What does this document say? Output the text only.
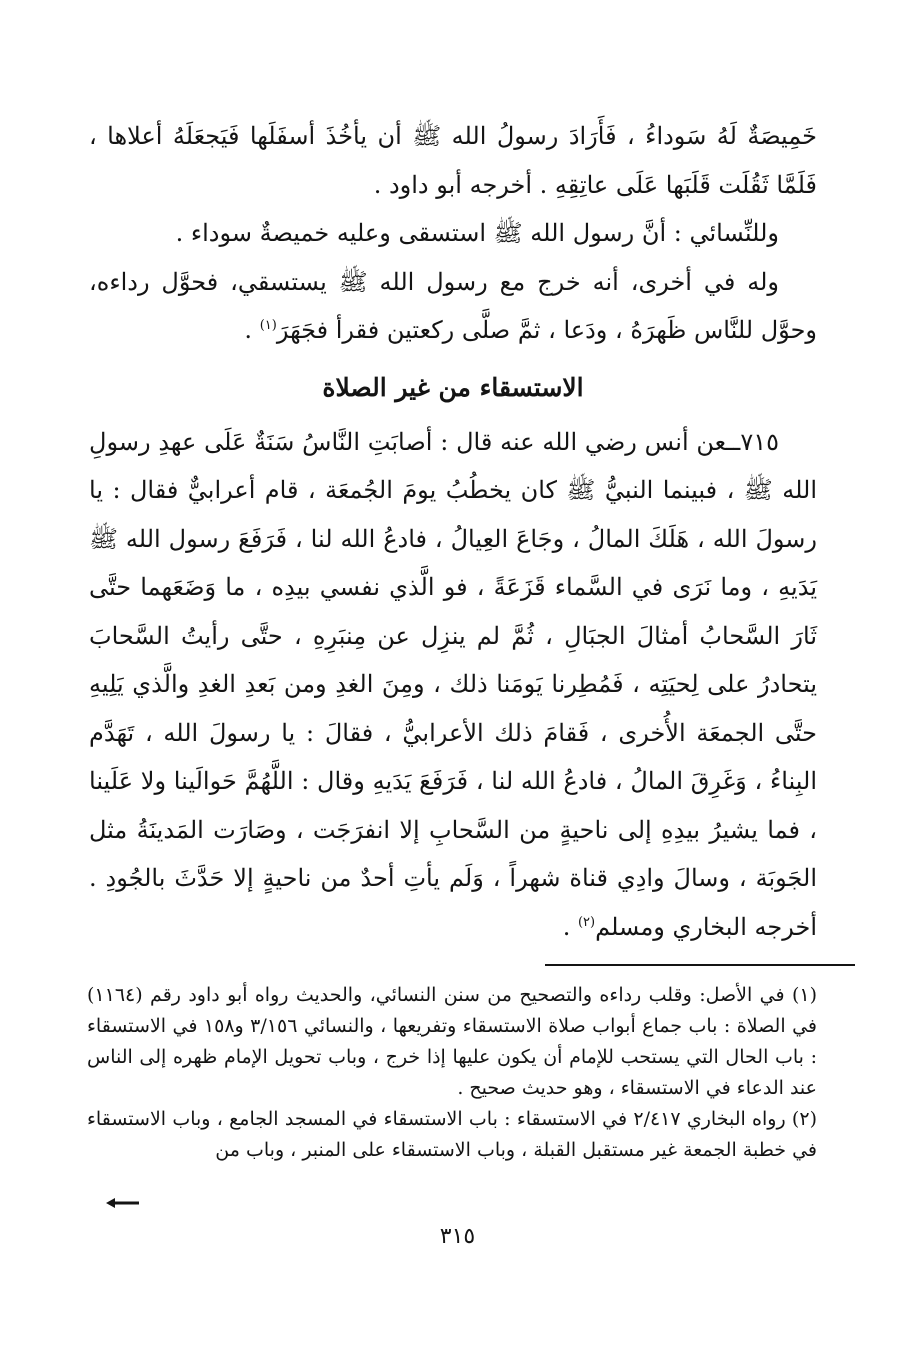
خَمِيصَةٌ لَهُ سَوداءُ ، فَأَرَادَ رسولُ الله ﷺ أن يأخُذَ أسفَلَها فَيَجعَلَهُ أعلاها ، فَلَمَّا ثَقُلَت قَلَبَها عَلَى عاتِقِهِ . أخرجه أبو داود .

وللنِّسائي : أنَّ رسول الله ﷺ استسقى وعليه خميصةٌ سوداء .

وله في أخرى، أنه خرج مع رسول الله ﷺ يستسقي، فحوَّل رداءه، وحوَّل للنَّاس ظَهرَهُ ، ودَعا ، ثمَّ صلَّى ركعتين فقرأ فجَهَرَ$^{(١)}$ .

الاستسقاء من غير الصلاة

٧١٥ــعن أنس رضي الله عنه قال : أصابَتِ النَّاسُ سَنَةٌ عَلَى عهدِ رسولِ الله ﷺ ، فبينما النبيُّ ﷺ كان يخطُبُ يومَ الجُمعَة ، قام أعرابيٌّ فقال : يا رسولَ الله ، هَلَكَ المالُ ، وجَاعَ العِيالُ ، فادعُ الله لنا ، فَرَفَعَ رسول الله ﷺ يَدَيهِ ، وما نَرَى في السَّماء قَزَعَةً ، فو الَّذي نفسي بيدِه ، ما وَضَعَهما حتَّى ثَارَ السَّحابُ أمثالَ الجبَالِ ، ثُمَّ لم ينزِل عن مِنبَرِهِ ، حتَّى رأيتُ السَّحابَ يتحادرُ على لِحيَتِه ، فَمُطِرنا يَومَنا ذلك ، ومِنَ الغدِ ومن بَعدِ الغدِ والَّذي يَلِيهِ حتَّى الجمعَة الأُخرى ، فَقامَ ذلك الأعرابيُّ ، فقالَ : يا رسولَ الله ، تَهَدَّم البِناءُ ، وَغَرِقَ المالُ ، فادعُ الله لنا ، فَرَفَعَ يَدَيهِ وقال : اللَّهُمَّ حَوالَينا ولا عَلَينا ، فما يشيرُ بيدِهِ إلى ناحيةٍ من السَّحابِ إلا انفرَجَت ، وصَارَت المَدينَةُ مثل الجَوبَة ، وسالَ وادِي قناة شهراً ، وَلَم يأتِ أحدٌ من ناحيةٍ إلا حَدَّثَ بالجُودِ . أخرجه البخاري ومسلم$^{(٢)}$ .

(١) في الأصل: وقلب رداءه والتصحيح من سنن النسائي، والحديث رواه أبو داود رقم (١١٦٤) في الصلاة : باب جماع أبواب صلاة الاستسقاء وتفريعها ، والنسائي ٣/١٥٦ و١٥٨ في الاستسقاء : باب الحال التي يستحب للإمام أن يكون عليها إذا خرج ، وباب تحويل الإمام ظهره إلى الناس عند الدعاء في الاستسقاء ، وهو حديث صحيح .

(٢) رواه البخاري ٢/٤١٧ في الاستسقاء : باب الاستسقاء في المسجد الجامع ، وباب الاستسقاء في خطبة الجمعة غير مستقبل القبلة ، وباب الاستسقاء على المنبر ، وباب من

٣١٥
